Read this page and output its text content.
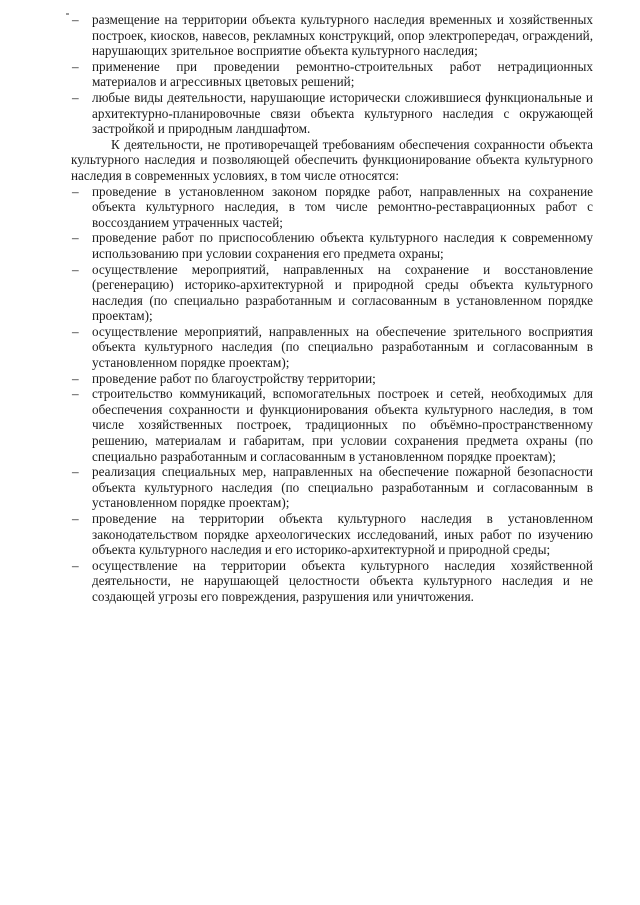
– размещение на территории объекта культурного наследия временных и хозяйственных построек, киосков, навесов, рекламных конструкций, опор электропередач, ограждений, нарушающих зрительное восприятие объекта культурного наследия;
– применение при проведении ремонтно-строительных работ нетрадиционных материалов и агрессивных цветовых решений;
– любые виды деятельности, нарушающие исторически сложившиеся функциональные и архитектурно-планировочные связи объекта культурного наследия с окружающей застройкой и природным ландшафтом.

К деятельности, не противоречащей требованиям обеспечения сохранности объекта культурного наследия и позволяющей обеспечить функционирование объекта культурного наследия в современных условиях, в том числе относятся:

– проведение в установленном законом порядке работ, направленных на сохранение объекта культурного наследия, в том числе ремонтно-реставрационных работ с воссозданием утраченных частей;
– проведение работ по приспособлению объекта культурного наследия к современному использованию при условии сохранения его предмета охраны;
– осуществление мероприятий, направленных на сохранение и восстановление (регенерацию) историко-архитектурной и природной среды объекта культурного наследия (по специально разработанным и согласованным в установленном порядке проектам);
– осуществление мероприятий, направленных на обеспечение зрительного восприятия объекта культурного наследия (по специально разработанным и согласованным в установленном порядке проектам);
– проведение работ по благоустройству территории;
– строительство коммуникаций, вспомогательных построек и сетей, необходимых для обеспечения сохранности и функционирования объекта культурного наследия, в том числе хозяйственных построек, традиционных по объёмно-пространственному решению, материалам и габаритам, при условии сохранения предмета охраны (по специально разработанным и согласованным в установленном порядке проектам);
– реализация специальных мер, направленных на обеспечение пожарной безопасности объекта культурного наследия (по специально разработанным и согласованным в установленном порядке проектам);
– проведение на территории объекта культурного наследия в установленном законодательством порядке археологических исследований, иных работ по изучению объекта культурного наследия и его историко-архитектурной и природной среды;
– осуществление на территории объекта культурного наследия хозяйственной деятельности, не нарушающей целостности объекта культурного наследия и не создающей угрозы его повреждения, разрушения или уничтожения.
